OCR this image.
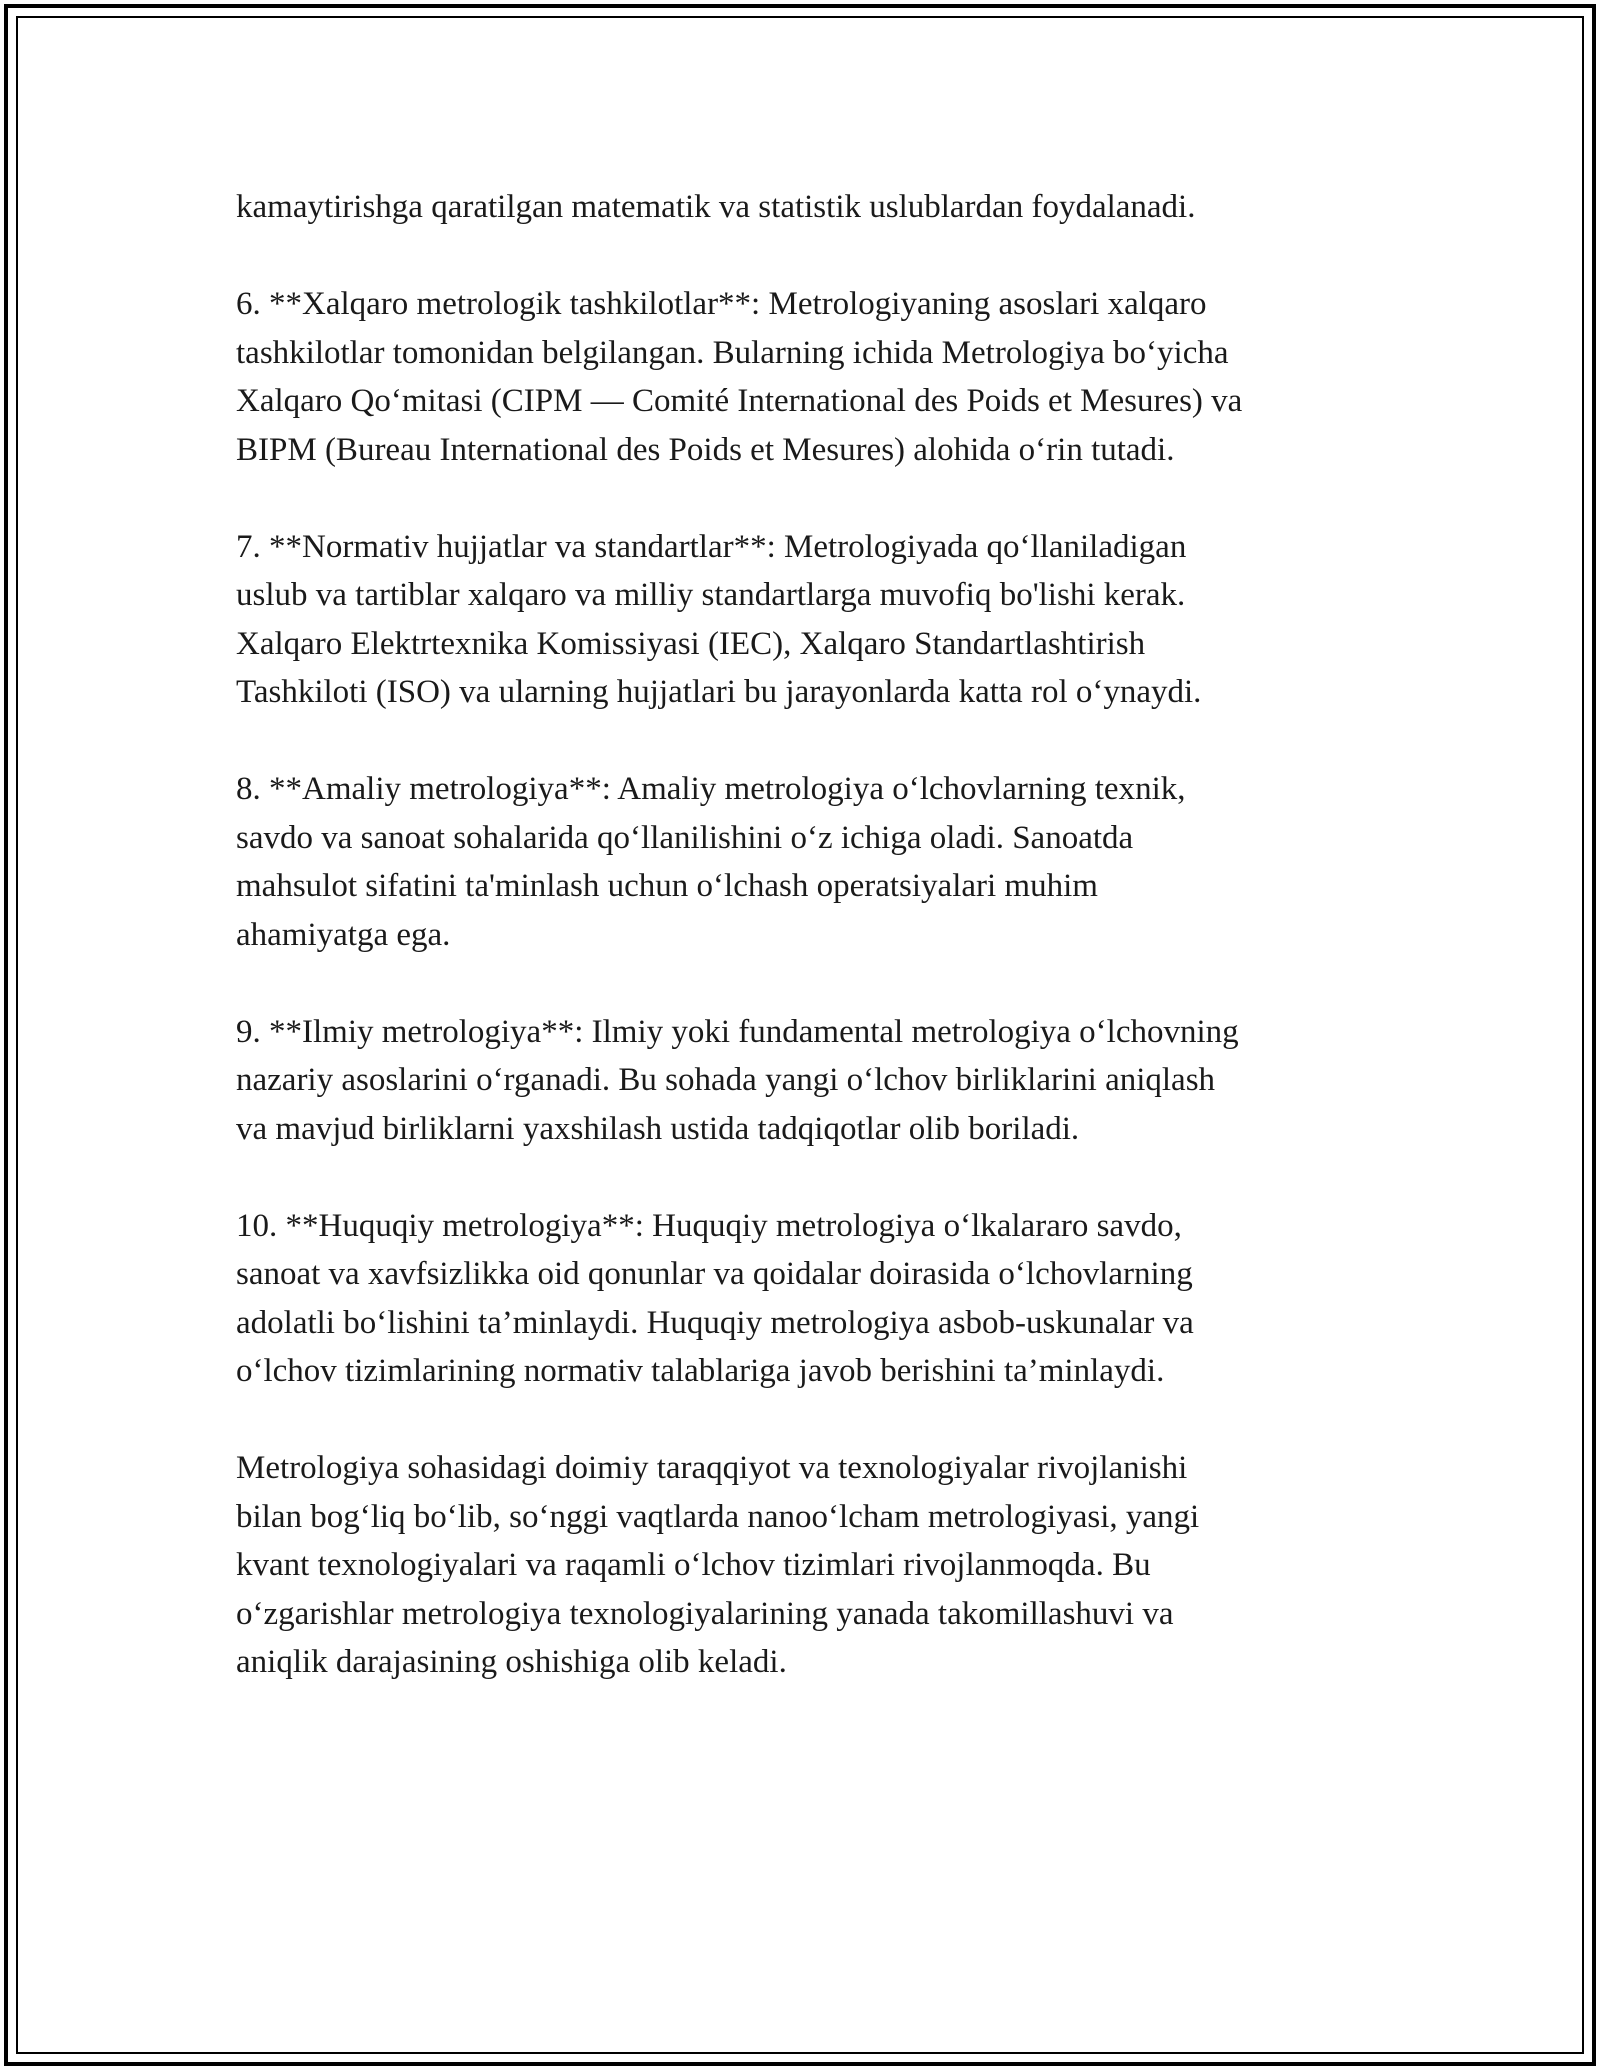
kamaytirishga qaratilgan matematik va statistik uslublardan foydalanadi.

6. **Xalqaro metrologik tashkilotlar**: Metrologiyaning asoslari xalqaro
tashkilotlar tomonidan belgilangan. Bularning ichida Metrologiya boʻyicha
Xalqaro Qoʻmitasi (CIPM — Comité International des Poids et Mesures) va
BIPM (Bureau International des Poids et Mesures) alohida oʻrin tutadi.

7. **Normativ hujjatlar va standartlar**: Metrologiyada qoʻllaniladigan
uslub va tartiblar xalqaro va milliy standartlarga muvofiq bo'lishi kerak.
Xalqaro Elektrtexnika Komissiyasi (IEC), Xalqaro Standartlashtirish
Tashkiloti (ISO) va ularning hujjatlari bu jarayonlarda katta rol oʻynaydi.

8. **Amaliy metrologiya**: Amaliy metrologiya oʻlchovlarning texnik,
savdo va sanoat sohalarida qoʻllanilishini oʻz ichiga oladi. Sanoatda
mahsulot sifatini ta'minlash uchun oʻlchash operatsiyalari muhim
ahamiyatga ega.

9. **Ilmiy metrologiya**: Ilmiy yoki fundamental metrologiya oʻlchovning
nazariy asoslarini oʻrganadi. Bu sohada yangi oʻlchov birliklarini aniqlash
va mavjud birliklarni yaxshilash ustida tadqiqotlar olib boriladi.

10. **Huquqiy metrologiya**: Huquqiy metrologiya oʻlkalararo savdo,
sanoat va xavfsizlikka oid qonunlar va qoidalar doirasida oʻlchovlarning
adolatli boʻlishini ta’minlaydi. Huquqiy metrologiya asbob-uskunalar va
oʻlchov tizimlarining normativ talablariga javob berishini ta’minlaydi.

Metrologiya sohasidagi doimiy taraqqiyot va texnologiyalar rivojlanishi
bilan bogʻliq boʻlib, soʻnggi vaqtlarda nanooʻlcham metrologiyasi, yangi
kvant texnologiyalari va raqamli oʻlchov tizimlari rivojlanmoqda. Bu
oʻzgarishlar metrologiya texnologiyalarining yanada takomillashuvi va
aniqlik darajasining oshishiga olib keladi.
